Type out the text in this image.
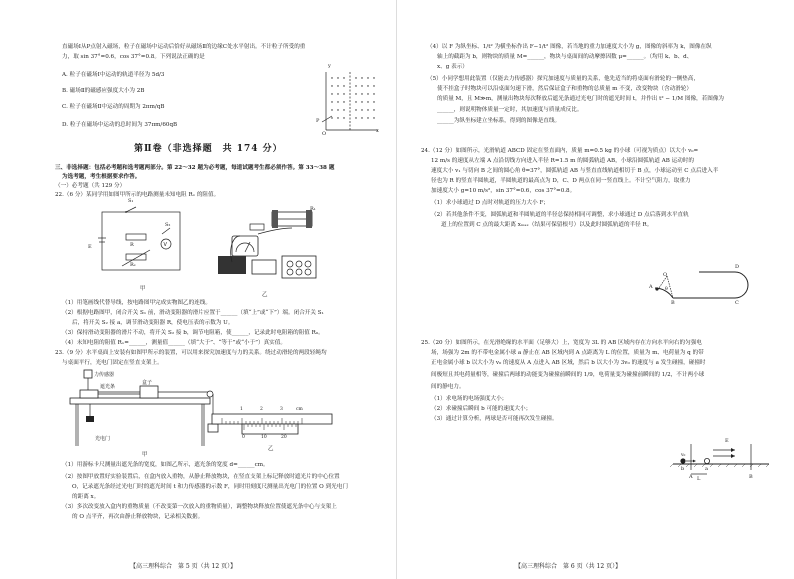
直磁场Ⅰ从P点射入磁场，粒子在磁场中运动后恰好从磁场Ⅱ的边缘C处水平射出。不计粒子所受的重
力，取 sin 37°=0.6，cos 37°=0.8。下列说法正确的是
A. 粒子在磁场Ⅰ中运动的轨道半径为 5d/3
B. 磁场Ⅱ的磁感应强度大小为 2B
C. 粒子在磁场Ⅱ中运动的周期为 2πm/qB
D. 粒子在磁场中运动的总时间为 37πm/60qB
P
O	x
y
第Ⅱ卷（非选择题　共 174 分）
三、非选择题：包括必考题和选考题两部分。第 22～32 题为必考题，每道试题考生都必须作答。第 33～38 题
为选考题，考生根据要求作答。
（一）必考题（共 129 分）
22.（6 分）某同学用如图甲所示的电路测量未知电阻 Rₓ 的阻值。
V
S₁
S₂
E	R
Rₓ
甲
R₁
乙
（1）用笔画线代替导线，按电路图甲完成实物图乙的连线。
（2）根据电路图甲，闭合开关 S₁ 前，滑动变阻器的滑片应置于______（填“上”或“下”）端。闭合开关 S₁
后，将开关 S₂ 接 a，调节滑动变阻器 R，使电压表的示数为 U。
（3）保持滑动变阻器的滑片不动，将开关 S₂ 接 b，调节电阻箱，使______，记录此时电阻箱的阻值 R₀。
（4）未知电阻的阻值 Rₓ=______，测量值______（填“大于”、“等于”或“小于”）真实值。
23.（9 分）水平桌面上安装有如图甲所示的装置，可以用来探究加速度与力的关系。绕过动滑轮的两段轻绳均
与桌面平行，光电门固定在竖直支架上。
力传感器
遮光条
盒子
光电门
甲
1	2	3	cm
0	10	20
乙
（1）用游标卡尺测量出遮光条的宽度，如图乙所示，遮光条的宽度 d=______cm。
（2）按图甲放置好实验装置后，在盒内放入重物，从静止释放物块，在竖直支架上标记释放时遮光片的中心位置
O，记录遮光条经过光电门时的遮光时间 t 和力传感器的示数 F，同时用刻度尺测量出光电门的位置 O 到光电门
的距离 x。
（3）多次改变放入盒内的重物质量（不改变第一次放入的重物质量），调整物块释放位置使遮光条中心与支架上
的 O 点平齐，再次由静止释放物块，记录相关数据。
【高三理科综合　第 5 页（共 12 页）】
（4）以 F 为纵坐标、1/t² 为横坐标作出 F−1/t² 图像，若当地的重力加速度大小为 g，图像的斜率为 k，图像在纵
轴上的截距为 b，则物块的质量 M=______，物块与桌面间的动摩擦因数 μ=______。（均用 k、b、d、
x、g 表示）
（5）小同学想用此装置（仅能去力传感器）探究加速度与质量的关系，他先适当的将桌面有滑轮的一侧垫高，
使不挂盒子时物块可以沿桌面匀速下滑，然后保证盒子和重物的总质量 m 不变，改变物块（含动滑轮）
的质量 M，且 M≫m，测量出物块每次释放后遮光条通过光电门时的遮光时间 t，并作出 t² − 1/M 图像，若图像为
______，则说明物体质量一定时，其加速度与质量成反比。
______为纵坐标建立坐标系，得到的图像是直线。
24.（12 分）如图所示，光滑轨道 ABCD 固定在竖直面内，质量 m=0.5 kg 的小球（可视为质点）以大小 v₀=
12 m/s 的速度从左端 A 点沿切线方向进入半径 R=1.5 m 的圆弧轨道 AB，小球沿圆弧轨道 AB 运动时的
速度大小 v₁ 与切向 B 之间的圆心角 θ=37°，圆弧轨道 AB 与竖直直线轨道相切于 B 点，小球运动至 C 点后进入半
径也为 R 的竖直半圆轨道，半圆轨道的最高点为 D，C、D 两点在同一竖直线上。不计空气阻力，取重力
加速度大小 g=10 m/s²，sin 37°=0.6，cos 37°=0.8。
（1）求小球通过 D 点时对轨道的压力大小 F；
（2）若其他条件不变，圆弧轨道和半圆轨道的半径总保持相同可调整，求小球通过 D 点后落到水平直轨
道上的位置到 C 点的最大距离 xₘₐₓ（结果可保留根号）以及此时圆弧轨道的半径 R。
A
B	C
D
O
θ
25.（20 分）如图所示，在光滑绝缘的水平面（足够大）上，宽度为 3L 的 AB 区域内存在方向水平向右的匀强电
场，场强为 2m 的不带电金属小球 a 静止在 AB 区域内到 A 点距离为 L 的位置，质量为 m、电荷量为 q 的带
正电金属小球 b 以大小为 v₀ 的速度从 A 点进入 AB 区域，然后 b 以大小为 3v₀ 的速度与 a 发生碰撞，碰撞时
间极短且其电荷量相等，碰撞后两球的动能变为碰撞前瞬间的 1/9，电荷量变为碰撞前瞬间的 1/2，不计两小球
间的静电力。
（1）求电场的电场强度大小；
（2）求碰撞后瞬间 b 可能的速度大小；
（3）通过计算分析，两球是否可能再次发生碰撞。
E
v₀
b	a
A	B
L
【高三理科综合　第 6 页（共 12 页）】
